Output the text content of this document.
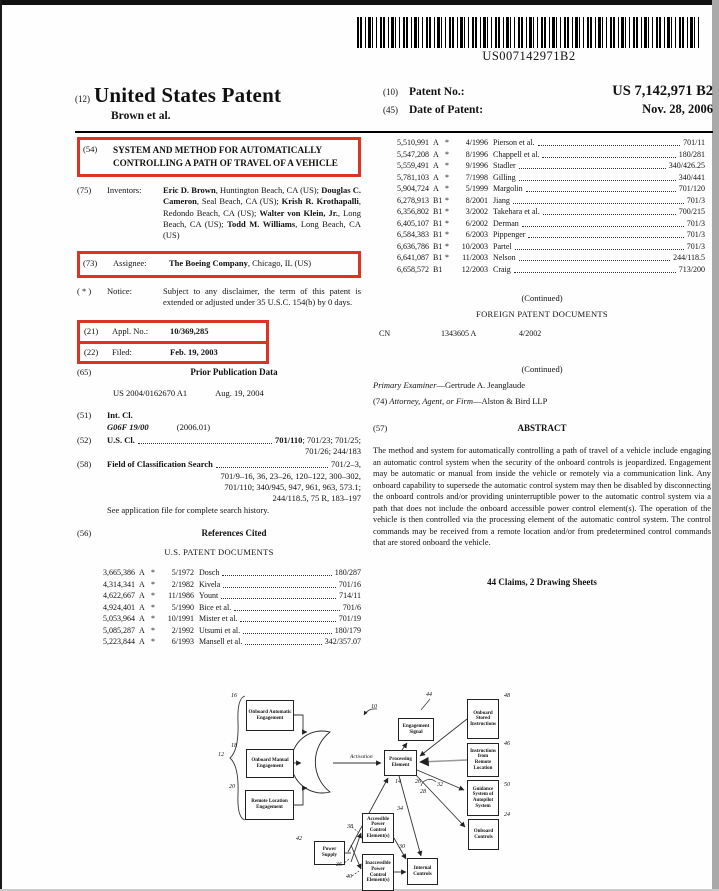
US007142971B2
(12) United States Patent
Brown et al.
(10) Patent No.:	US 7,142,971 B2
(45) Date of Patent:	Nov. 28, 2006
(54)	SYSTEM AND METHOD FOR AUTOMATICALLY CONTROLLING A PATH OF TRAVEL OF A VEHICLE
(75)	Inventors:	Eric D. Brown, Huntington Beach, CA (US); Douglas C. Cameron, Seal Beach, CA (US); Krish R. Krothapalli, Redondo Beach, CA (US); Walter von Klein, Jr., Long Beach, CA (US); Todd M. Williams, Long Beach, CA (US)
(73)	Assignee:	The Boeing Company, Chicago, IL (US)
( * )	Notice:	Subject to any disclaimer, the term of this patent is extended or adjusted under 35 U.S.C. 154(b) by 0 days.
(21)	Appl. No.:	10/369,285
(22)	Filed:	Feb. 19, 2003
(65)	Prior Publication Data
US 2004/0162670 A1	Aug. 19, 2004
(51)	Int. Cl.
G06F 19/00	(2006.01)
(52)	U.S. Cl.	701/110; 701/23; 701/25;
701/26; 244/183
(58)	Field of Classification Search	701/2–3,
701/9–16, 36, 23–26, 120–122, 300–302,
701/110; 340/945, 947, 961, 963, 573.1;
244/118.5, 75 R, 183–197
See application file for complete search history.
(56)	References Cited
U.S. PATENT DOCUMENTS
3,665,386 A *	5/1972 Dosch	180/287
4,314,341 A *	2/1982 Kivela	701/16
4,622,667 A *	11/1986 Yount	714/11
4,924,401 A *	5/1990 Bice et al.	701/6
5,053,964 A *	10/1991 Mister et al.	701/19
5,085,287 A *	2/1992 Utsumi et al.	180/179
5,223,844 A *	6/1993 Mansell et al.	342/357.07
5,510,991 A *	4/1996 Pierson et al.	701/11
5,547,208 A *	8/1996 Chappell et al.	180/281
5,559,491 A *	9/1996 Stadler	340/426.25
5,781,103 A *	7/1998 Gilling	340/441
5,904,724 A *	5/1999 Margolin	701/120
6,278,913 B1 *	8/2001 Jiang	701/3
6,356,802 B1 *	3/2002 Takehara et al.	700/215
6,405,107 B1 *	6/2002 Derman	701/3
6,584,383 B1 *	6/2003 Pippenger	701/3
6,636,786 B1 *	10/2003 Partel	701/3
6,641,087 B1 *	11/2003 Nelson	244/118.5
6,658,572 B1	12/2003 Craig	713/200
(Continued)
FOREIGN PATENT DOCUMENTS
CN	1343605 A	4/2002
(Continued)
Primary Examiner—Gertrude A. Jeanglaude
(74) Attorney, Agent, or Firm—Alston & Bird LLP
(57)	ABSTRACT
The method and system for automatically controlling a path of travel of a vehicle include engaging an automatic control system when the security of the onboard controls is jeopardized. Engagement may be automatic or manual from inside the vehicle or remotely via a communication link. Any onboard capability to supersede the automatic control system may then be disabled by disconnecting the onboard controls and/or providing uninterruptible power to the automatic control system via a path that does not include the onboard accessible power control element(s). The operation of the vehicle is then controlled via the processing element of the automatic control system. The control commands may be received from a remote location and/or from predetermined control commands that are stored onboard the vehicle.
44 Claims, 2 Drawing Sheets
Onboard Automatic Engagement
Onboard Manual Engagement
Remote Location Engagement
Engagement Signal
Processing Element
Onboard Stored Instructions
Instructions from Remote Location
Guidance System of Autopilot System
Onboard Controls
Power Supply
Accessible Power Control Element(s)
Inaccessible Power Control Element(s)
Internal Controls
16
18
20
12
10
44
14
48
46
50
24
42
34
30
26
28
32
38
36
40
Activation
